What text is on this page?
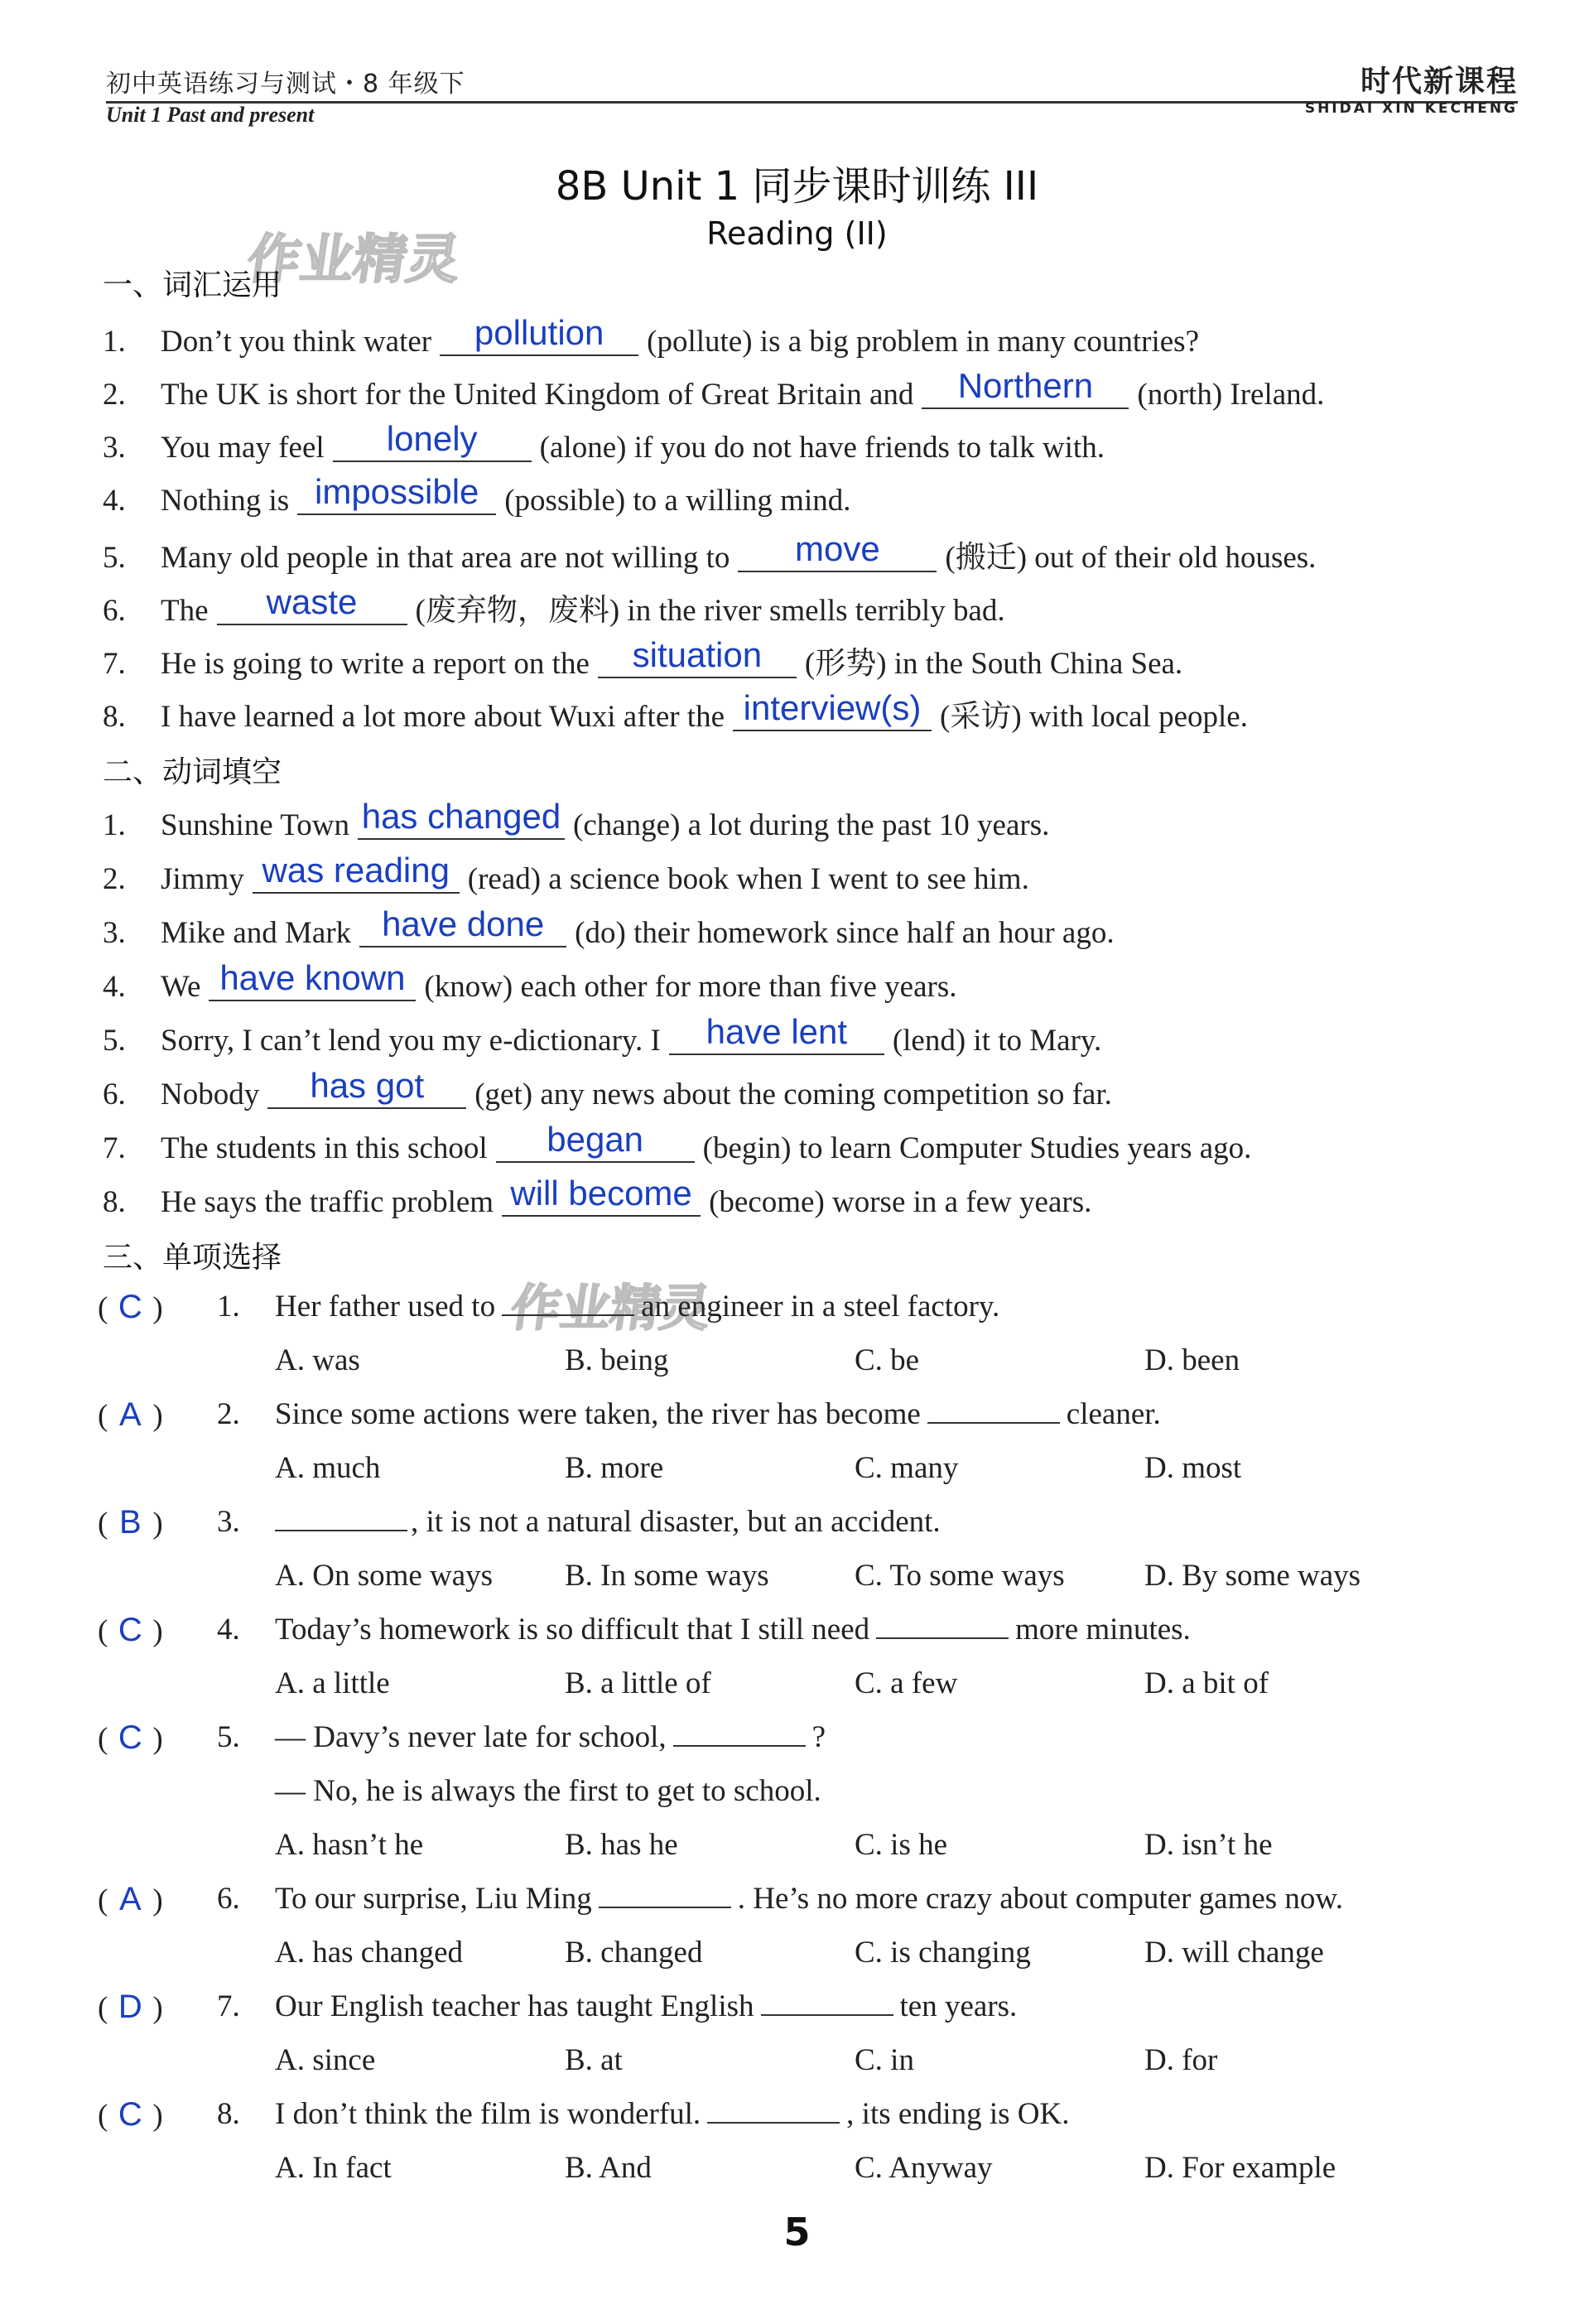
初中英语练习与测试・8 年级下
Unit 1 Past and present
时代新课程
SHIDAI XIN KECHENG
8B Unit 1 同步课时训练 III
Reading (II)
作业精灵
作业精灵
一、词汇运用
1. Don’t you think water pollution (pollute) is a big problem in many countries?
2. The UK is short for the United Kingdom of Great Britain and Northern (north) Ireland.
3. You may feel lonely (alone) if you do not have friends to talk with.
4. Nothing is impossible (possible) to a willing mind.
5. Many old people in that area are not willing to move (搬迁) out of their old houses.
6. The waste (废弃物，废料) in the river smells terribly bad.
7. He is going to write a report on the situation (形势) in the South China Sea.
8. I have learned a lot more about Wuxi after the interview(s) (采访) with local people.
二、动词填空
1. Sunshine Town has changed (change) a lot during the past 10 years.
2. Jimmy was reading (read) a science book when I went to see him.
3. Mike and Mark have done (do) their homework since half an hour ago.
4. We have known (know) each other for more than five years.
5. Sorry, I can’t lend you my e-dictionary. I have lent (lend) it to Mary.
6. Nobody has got (get) any news about the coming competition so far.
7. The students in this school began (begin) to learn Computer Studies years ago.
8. He says the traffic problem will become (become) worse in a few years.
三、单项选择
( C ) 1. Her father used to	an engineer in a steel factory.
A. was	B. being	C. be	D. been
( A ) 2. Since some actions were taken, the river has become	cleaner.
A. much	B. more	C. many	D. most
( B ) 3.	, it is not a natural disaster, but an accident.
A. On some ways B. In some ways	C. To some ways	D. By some ways
( C ) 4. Today’s homework is so difficult that I still need	more minutes.
A. a little	B. a little of	C. a few	D. a bit of
( C ) 5. — Davy’s never late for school,	?
— No, he is always the first to get to school.
A. hasn’t he	B. has he	C. is he	D. isn’t he
( A ) 6. To our surprise, Liu Ming	. He’s no more crazy about computer games now.
A. has changed	B. changed	C. is changing	D. will change
( D ) 7. Our English teacher has taught English	ten years.
A. since	B. at	C. in	D. for
( C ) 8. I don’t think the film is wonderful.	, its ending is OK.
A. In fact	B. And	C. Anyway	D. For example
5
